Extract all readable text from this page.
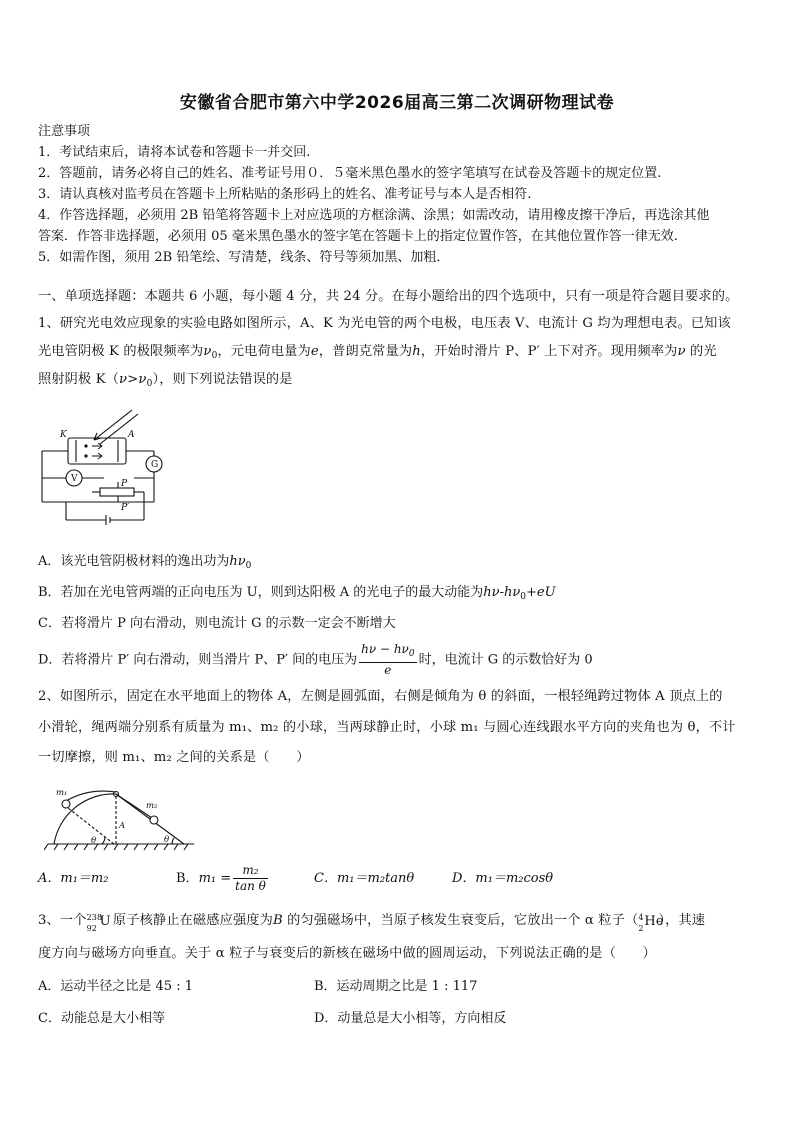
安徽省合肥市第六中学2026届高三第二次调研物理试卷
注意事项
1．考试结束后，请将本试卷和答题卡一并交回.
2．答题前，请务必将自己的姓名、准考证号用０．５毫米黑色墨水的签字笔填写在试卷及答题卡的规定位置.
3．请认真核对监考员在答题卡上所粘贴的条形码上的姓名、准考证号与本人是否相符.
4．作答选择题，必须用 2B 铅笔将答题卡上对应选项的方框涂满、涂黑；如需改动，请用橡皮擦干净后，再选涂其他
答案．作答非选择题，必须用 05 毫米黑色墨水的签字笔在答题卡上的指定位置作答，在其他位置作答一律无效.
5．如需作图，须用 2B 铅笔绘、写清楚，线条、符号等须加黑、加粗．
一、单项选择题：本题共 6 小题，每小题 4 分，共 24 分。在每小题给出的四个选项中，只有一项是符合题目要求的。
1、研究光电效应现象的实验电路如图所示，A、K 为光电管的两个电极，电压表 V、电流计 G 均为理想电表。已知该
光电管阴极 K 的极限频率为$\nu_0$，元电荷电量为e，普朗克常量为h，开始时滑片 P、P′ 上下对齐。现用频率为ν 的光
照射阴极 $K(\nu>\nu_0)$，则下列说法错误的是
K	A
G
V	P
P′
A．该光电管阴极材料的逸出功为$h\nu_0$
B．若加在光电管两端的正向电压为 U，则到达阳极 A 的光电子的最大动能为$h\nu-h\nu_0+eU$
C．若将滑片 P 向右滑动，则电流计 G 的示数一定会不断增大
D．若将滑片 P′ 向右滑动，则当滑片 P、P′ 间的电压为 $\frac{h\nu - h\nu_0}{e}$ 时，电流计 G 的示数恰好为 0
2、如图所示，固定在水平地面上的物体 A，左侧是圆弧面，右侧是倾角为 θ 的斜面，一根轻绳跨过物体 A 顶点上的
小滑轮，绳两端分别系有质量为 m₁、m₂ 的小球，当两球静止时，小球 m₁ 与圆心连线跟水平方向的夹角也为 θ，不计
一切摩擦，则 m₁、m₂ 之间的关系是（　　）
m₁
m₂
A
θ	θ
A．m₁＝m₂	B．$m_1 = \frac{\text{m₂}}{\text{tan θ}}$	C．m₁＝m₂tanθ	D．m₁＝m₂cosθ
3、一个 238
92 U
原子核静止在磁感应强度为B 的匀强磁场中，当原子核发生衰变后，它放出一个 α 粒子（ 4
2 He
），其速
度方向与磁场方向垂直。关于 α 粒子与衰变后的新核在磁场中做的圆周运动，下列说法正确的是（　　）
A．运动半径之比是 45 : 1	B．运动周期之比是 1 : 117
C．动能总是大小相等	D．动量总是大小相等，方向相反
